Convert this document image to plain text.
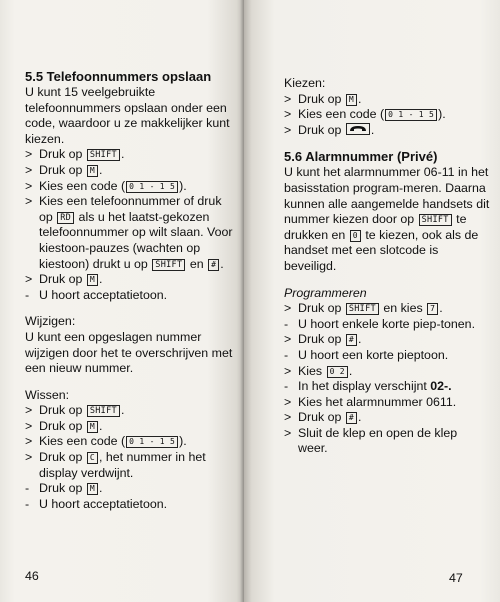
5.5 Telefoonnummers opslaan

U kunt 15 veelgebruikte telefoonnummers opslaan onder een code, waardoor u ze makkelijker kunt kiezen.

> Druk op SHIFT .
> Druk op M .
> Kies een code ( 0 1 - 1 5 ).
> Kies een telefoonnummer of druk op RD als u het laatst-gekozen telefoonnummer op wilt slaan. Voor kiestoon-pauzes (wachten op kiestoon) drukt u op SHIFT en # .
> Druk op M .
- U hoort acceptatietoon.

Wijzigen:

U kunt een opgeslagen nummer wijzigen door het te overschrijven met een nieuw nummer.

Wissen:

> Druk op SHIFT .
> Druk op M .
> Kies een code ( 0 1 - 1 5 ).
> Druk op C , het nummer in het display verdwijnt.
- Druk op M .
- U hoort acceptatietoon.
46

Kiezen:

> Druk op M .
> Kies een code ( 0 1 - 1 5 ).
> Druk op .
5.6 Alarmnummer (Privé)

U kunt het alarmnummer 06-11 in het basisstation program-meren. Daarna kunnen alle aangemelde handsets dit nummer kiezen door op SHIFT te drukken en 0 te kiezen, ook als de handset met een slotcode is beveiligd.

Programmeren

> Druk op SHIFT en kies 7 .
- U hoort enkele korte piep-tonen.
> Druk op # .
- U hoort een korte pieptoon.
> Kies 0 2 .
- In het display verschijnt 02-.
> Kies het alarmnummer 0611.
> Druk op # .
> Sluit de klep en open de klep weer.
47
